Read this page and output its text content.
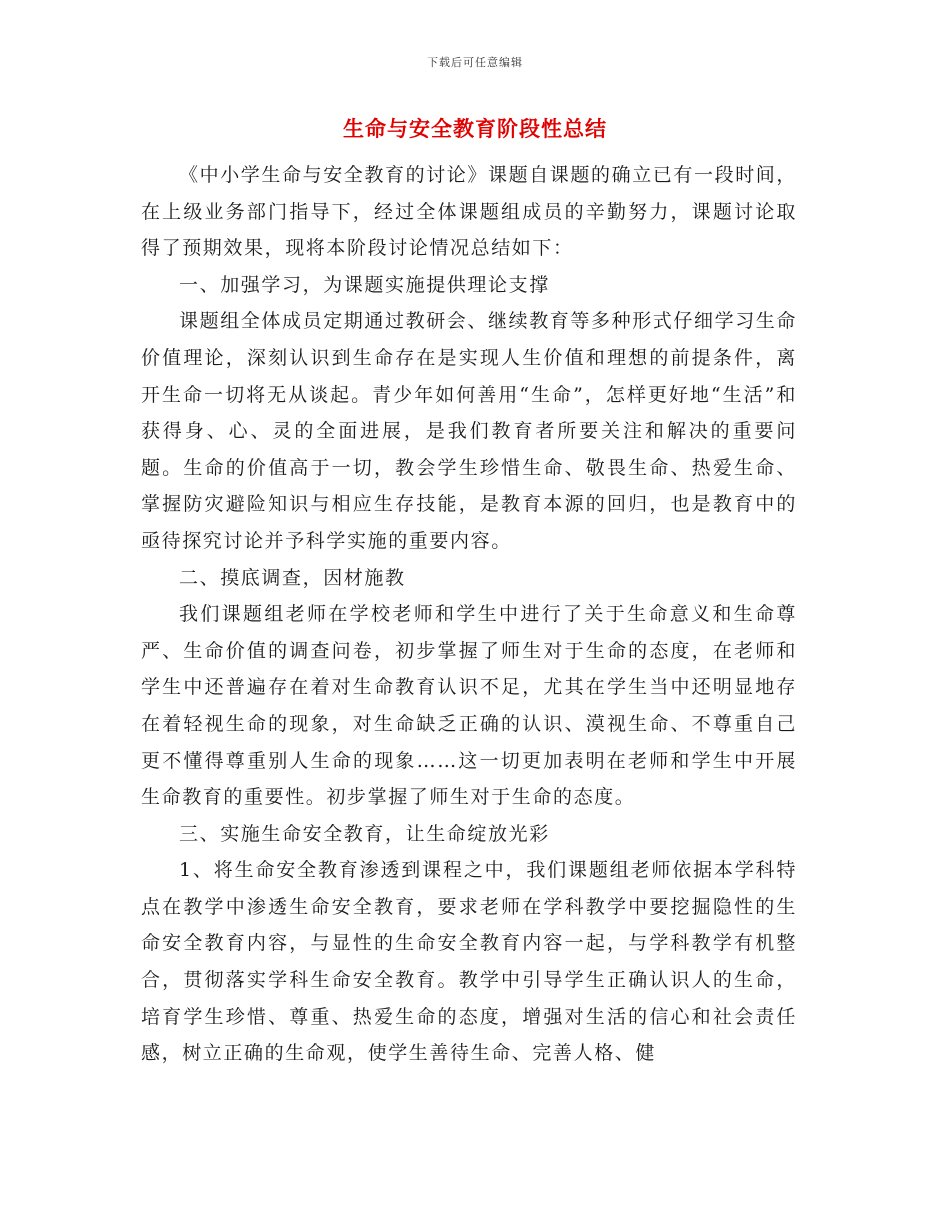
下载后可任意编辑
生命与安全教育阶段性总结

《中小学生命与安全教育的讨论》课题自课题的确立已有一段时间，在上级业务部门指导下，经过全体课题组成员的辛勤努力，课题讨论取得了预期效果，现将本阶段讨论情况总结如下：

一、加强学习，为课题实施提供理论支撑

课题组全体成员定期通过教研会、继续教育等多种形式仔细学习生命价值理论，深刻认识到生命存在是实现人生价值和理想的前提条件，离开生命一切将无从谈起。青少年如何善用“生命”，怎样更好地“生活”和获得身、心、灵的全面进展，是我们教育者所要关注和解决的重要问题。生命的价值高于一切，教会学生珍惜生命、敬畏生命、热爱生命、掌握防灾避险知识与相应生存技能，是教育本源的回归，也是教育中的亟待探究讨论并予科学实施的重要内容。

二、摸底调查，因材施教

我们课题组老师在学校老师和学生中进行了关于生命意义和生命尊严、生命价值的调查问卷，初步掌握了师生对于生命的态度，在老师和学生中还普遍存在着对生命教育认识不足，尤其在学生当中还明显地存在着轻视生命的现象，对生命缺乏正确的认识、漠视生命、不尊重自己更不懂得尊重别人生命的现象……这一切更加表明在老师和学生中开展生命教育的重要性。初步掌握了师生对于生命的态度。

三、实施生命安全教育，让生命绽放光彩

1、将生命安全教育渗透到课程之中，我们课题组老师依据本学科特点在教学中渗透生命安全教育，要求老师在学科教学中要挖掘隐性的生命安全教育内容，与显性的生命安全教育内容一起，与学科教学有机整合，贯彻落实学科生命安全教育。教学中引导学生正确认识人的生命，培育学生珍惜、尊重、热爱生命的态度，增强对生活的信心和社会责任感，树立正确的生命观，使学生善待生命、完善人格、健
